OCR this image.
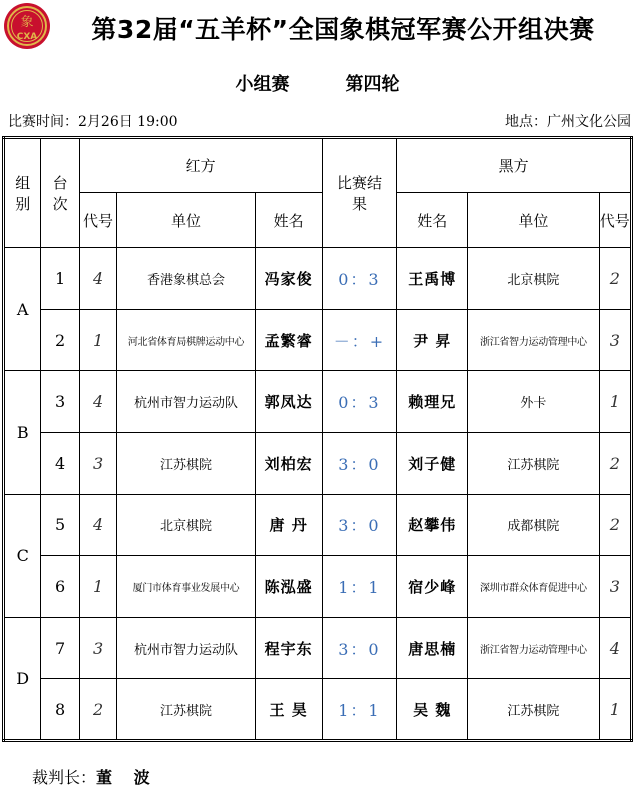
象
CXA	第32届“五羊杯”全国象棋冠军赛公开组决赛
小组赛	第四轮
比赛时间：2月26日 19:00	地点：广州文化公园
组别	台次	红方			比赛结果	黑方		
		代号	单位	姓名		姓名	单位	代号
A	1	4	香港象棋总会	冯家俊	0：3	王禹博	北京棋院	2
	2	1	河北省体育局棋牌运动中心	孟繁睿	－：+	尹 昇	浙江省智力运动管理中心	3
B	3	4	杭州市智力运动队	郭凤达	0：3	赖理兄	外卡	1
	4	3	江苏棋院	刘柏宏	3：0	刘子健	江苏棋院	2
C	5	4	北京棋院	唐 丹	3：0	赵攀伟	成都棋院	2
	6	1	厦门市体育事业发展中心	陈泓盛	1：1	宿少峰	深圳市群众体育促进中心	3
D	7	3	杭州市智力运动队	程宇东	3：0	唐思楠	浙江省智力运动管理中心	4
	8	2	江苏棋院	王 昊	1：1	吴 魏	江苏棋院	1
裁判长：董 波
